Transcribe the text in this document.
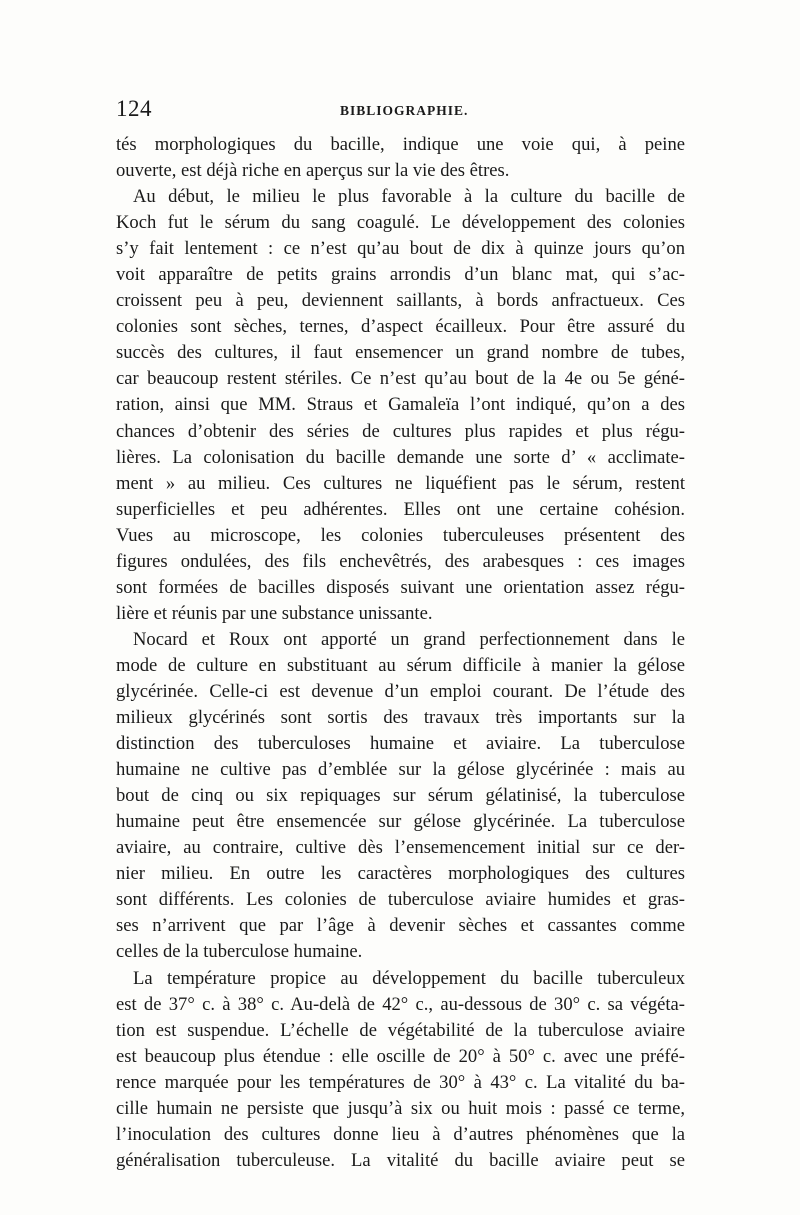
124	BIBLIOGRAPHIE.
tés morphologiques du bacille, indique une voie qui, à peine
ouverte, est déjà riche en aperçus sur la vie des êtres.
Au début, le milieu le plus favorable à la culture du bacille de
Koch fut le sérum du sang coagulé. Le développement des colonies
s’y fait lentement : ce n’est qu’au bout de dix à quinze jours qu’on
voit apparaître de petits grains arrondis d’un blanc mat, qui s’ac-
croissent peu à peu, deviennent saillants, à bords anfractueux. Ces
colonies sont sèches, ternes, d’aspect écailleux. Pour être assuré du
succès des cultures, il faut ensemencer un grand nombre de tubes,
car beaucoup restent stériles. Ce n’est qu’au bout de la 4e ou 5e géné-
ration, ainsi que MM. Straus et Gamaleïa l’ont indiqué, qu’on a des
chances d’obtenir des séries de cultures plus rapides et plus régu-
lières. La colonisation du bacille demande une sorte d’ « acclimate-
ment » au milieu. Ces cultures ne liquéfient pas le sérum, restent
superficielles et peu adhérentes. Elles ont une certaine cohésion.
Vues au microscope, les colonies tuberculeuses présentent des
figures ondulées, des fils enchevêtrés, des arabesques : ces images
sont formées de bacilles disposés suivant une orientation assez régu-
lière et réunis par une substance unissante.
Nocard et Roux ont apporté un grand perfectionnement dans le
mode de culture en substituant au sérum difficile à manier la gélose
glycérinée. Celle-ci est devenue d’un emploi courant. De l’étude des
milieux glycérinés sont sortis des travaux très importants sur la
distinction des tuberculoses humaine et aviaire. La tuberculose
humaine ne cultive pas d’emblée sur la gélose glycérinée : mais au
bout de cinq ou six repiquages sur sérum gélatinisé, la tuberculose
humaine peut être ensemencée sur gélose glycérinée. La tuberculose
aviaire, au contraire, cultive dès l’ensemencement initial sur ce der-
nier milieu. En outre les caractères morphologiques des cultures
sont différents. Les colonies de tuberculose aviaire humides et gras-
ses n’arrivent que par l’âge à devenir sèches et cassantes comme
celles de la tuberculose humaine.
La température propice au développement du bacille tuberculeux
est de 37° c. à 38° c. Au-delà de 42° c., au-dessous de 30° c. sa végéta-
tion est suspendue. L’échelle de végétabilité de la tuberculose aviaire
est beaucoup plus étendue : elle oscille de 20° à 50° c. avec une préfé-
rence marquée pour les températures de 30° à 43° c. La vitalité du ba-
cille humain ne persiste que jusqu’à six ou huit mois : passé ce terme,
l’inoculation des cultures donne lieu à d’autres phénomènes que la
généralisation tuberculeuse. La vitalité du bacille aviaire peut se
